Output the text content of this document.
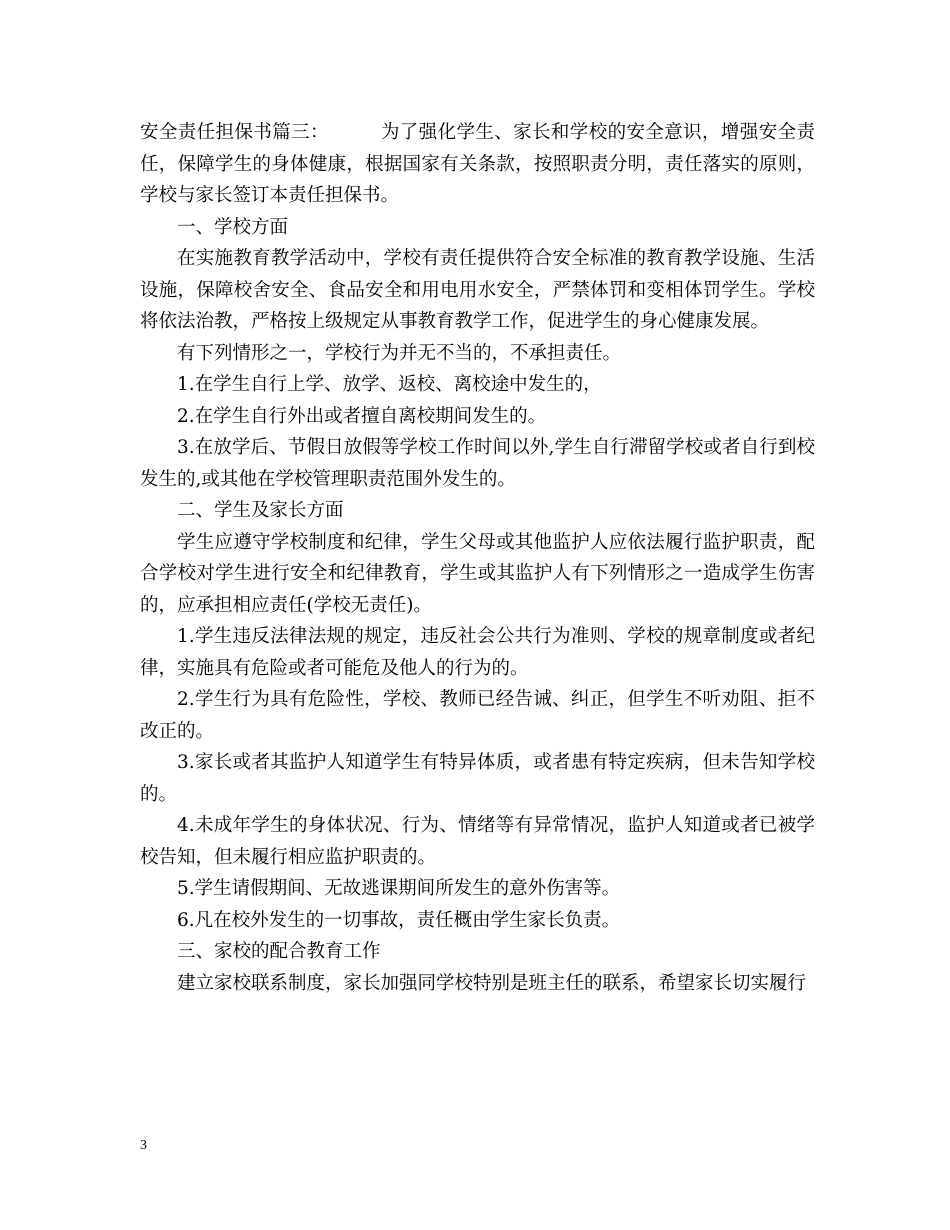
安全责任担保书篇三：	为了强化学生、家长和学校的安全意识，增强安全责任，保障学生的身体健康，根据国家有关条款，按照职责分明，责任落实的原则，学校与家长签订本责任担保书。

一、学校方面

在实施教育教学活动中，学校有责任提供符合安全标准的教育教学设施、生活设施，保障校舍安全、食品安全和用电用水安全，严禁体罚和变相体罚学生。学校将依法治教，严格按上级规定从事教育教学工作，促进学生的身心健康发展。

有下列情形之一，学校行为并无不当的，不承担责任。

1.在学生自行上学、放学、返校、离校途中发生的，

2.在学生自行外出或者擅自离校期间发生的。

3.在放学后、节假日放假等学校工作时间以外,学生自行滞留学校或者自行到校发生的,或其他在学校管理职责范围外发生的。

二、学生及家长方面

学生应遵守学校制度和纪律，学生父母或其他监护人应依法履行监护职责，配合学校对学生进行安全和纪律教育，学生或其监护人有下列情形之一造成学生伤害的，应承担相应责任(学校无责任)。

1.学生违反法律法规的规定，违反社会公共行为准则、学校的规章制度或者纪律，实施具有危险或者可能危及他人的行为的。

2.学生行为具有危险性，学校、教师已经告诫、纠正，但学生不听劝阻、拒不改正的。

3.家长或者其监护人知道学生有特异体质，或者患有特定疾病，但未告知学校的。

4.未成年学生的身体状况、行为、情绪等有异常情况，监护人知道或者已被学校告知，但未履行相应监护职责的。

5.学生请假期间、无故逃课期间所发生的意外伤害等。

6.凡在校外发生的一切事故，责任概由学生家长负责。

三、家校的配合教育工作

建立家校联系制度，家长加强同学校特别是班主任的联系，希望家长切实履行

3
